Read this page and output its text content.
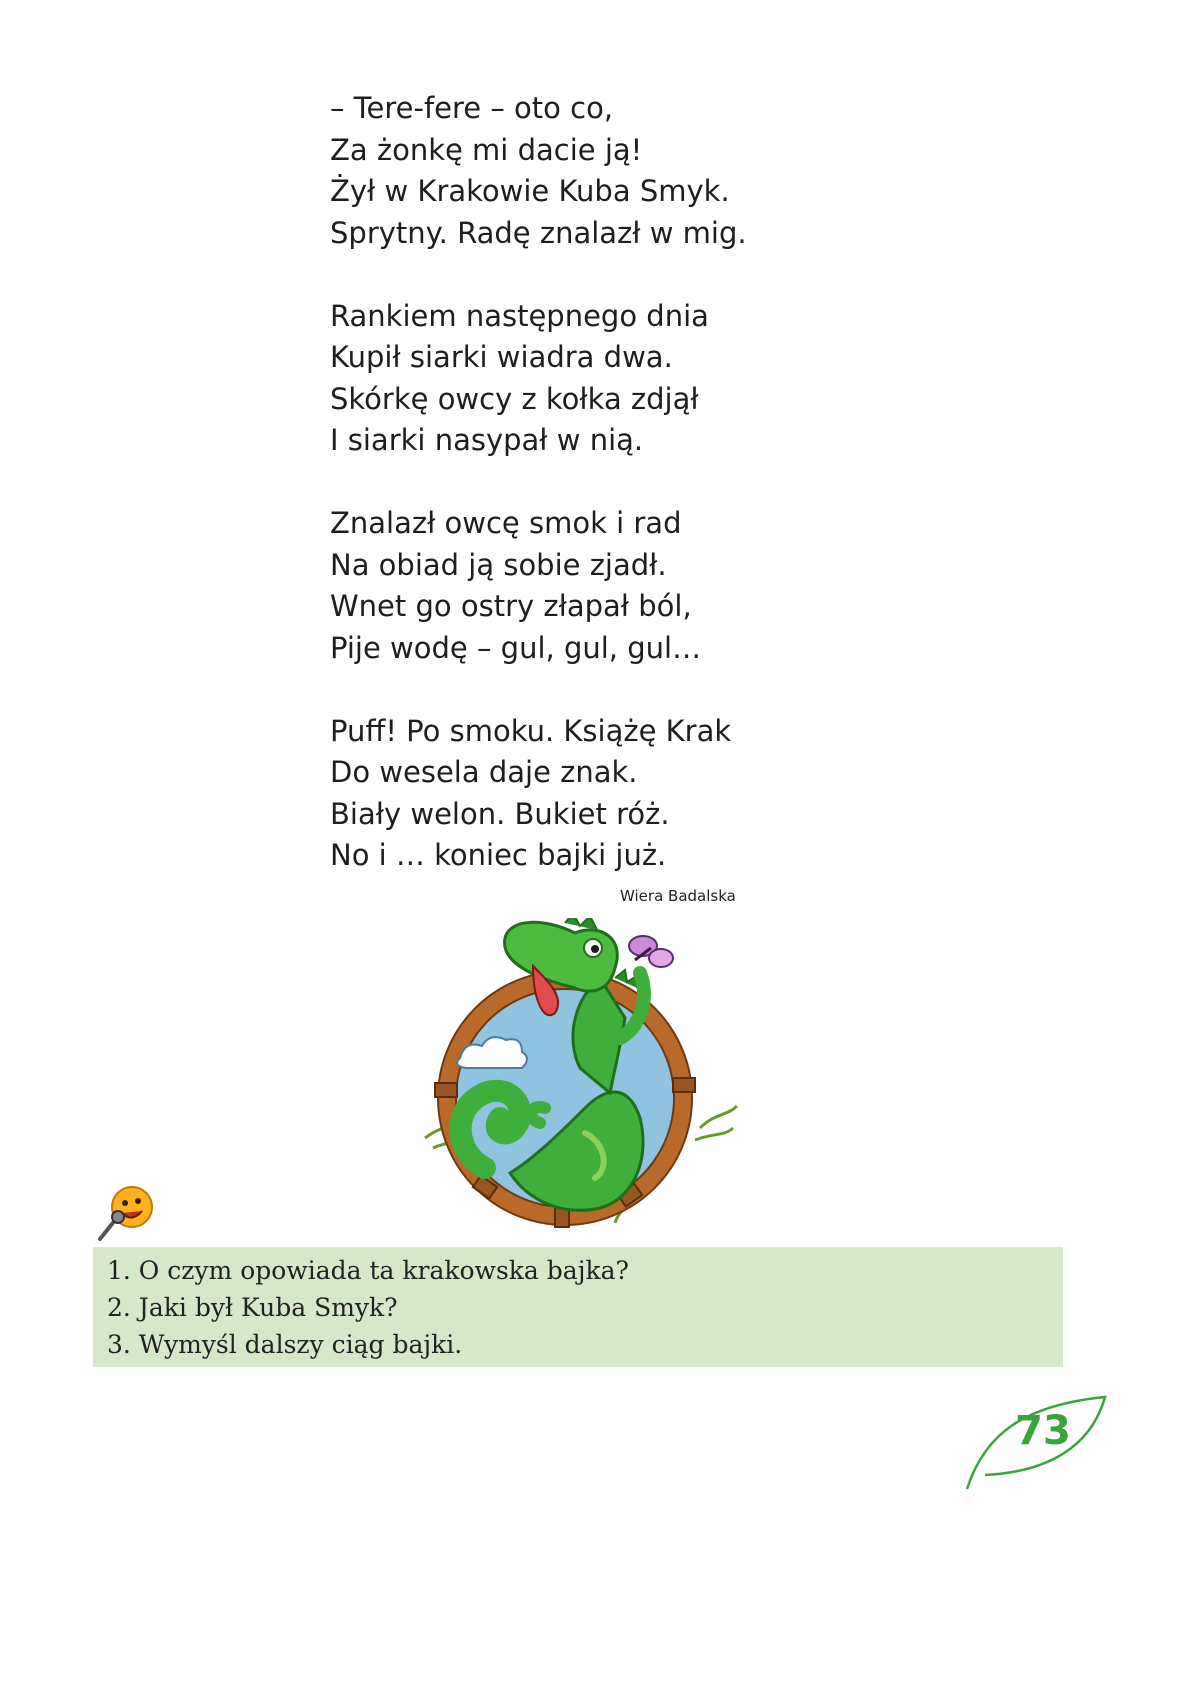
– Tere-fere – oto co,
Za żonkę mi dacie ją!
Żył w Krakowie Kuba Smyk.
Sprytny. Radę znalazł w mig.
Rankiem następnego dnia
Kupił siarki wiadra dwa.
Skórkę owcy z kołka zdjął
I siarki nasypał w nią.
Znalazł owcę smok i rad
Na obiad ją sobie zjadł.
Wnet go ostry złapał ból,
Pije wodę – gul, gul, gul…
Puff! Po smoku. Książę Krak
Do wesela daje znak.
Biały welon. Bukiet róż.
No i … koniec bajki już.
Wiera Badalska
1. O czym opowiada ta krakowska bajka?
2. Jaki był Kuba Smyk?
3. Wymyśl dalszy ciąg bajki.
73
